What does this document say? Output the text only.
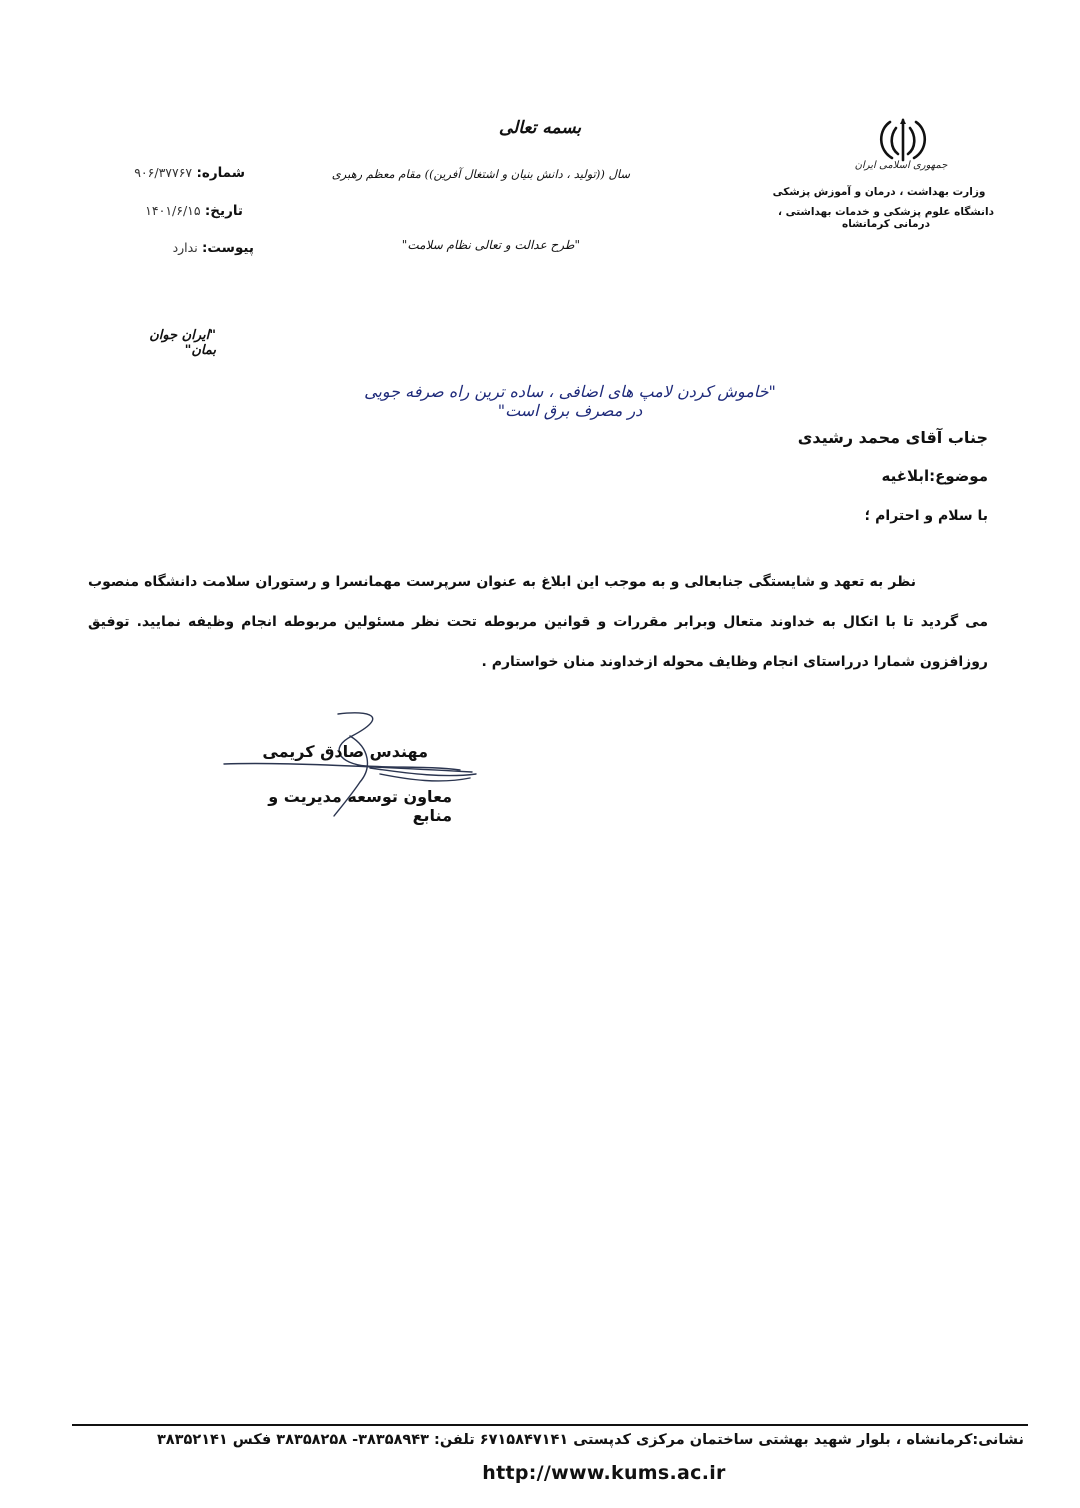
جمهوری اسلامی ایران
وزارت بهداشت ، درمان و آموزش پزشکی
دانشگاه علوم پزشکی و خدمات بهداشتی ، درمانی کرمانشاه
بسمه تعالی
سال ((تولید ، دانش بنیان و اشتغال آفرین)) مقام معظم رهبری
"طرح عدالت و تعالی نظام سلامت"
شماره: ۹۰۶/۳۷۷۶۷
تاریخ: ۱۴۰۱/۶/۱۵
پیوست: ندارد
"ایران جوان بمان"
"خاموش کردن لامپ های اضافی ، ساده ترین راه صرفه جویی در مصرف برق است"
جناب آقای محمد رشیدی
موضوع:ابلاغیه
با سلام و احترام ؛
نظر به تعهد و شایستگی جنابعالی و به موجب این ابلاغ به عنوان سرپرست مهمانسرا و رستوران سلامت دانشگاه منصوب می گردید تا با اتکال به خداوند متعال وبرابر مقررات و قوانین مربوطه تحت نظر مسئولین مربوطه انجام وظیفه نمایید. توفیق روزافزون شمارا درراستای انجام وظایف محوله ازخداوند منان خواستارم .
مهندس صادق کریمی
معاون توسعه مدیریت و منابع
نشانی:کرمانشاه ، بلوار شهید بهشتی ساختمان مرکزی کدپستی ۶۷۱۵۸۴۷۱۴۱ تلفن: ۳۸۳۵۸۹۴۳- ۳۸۳۵۸۲۵۸ فکس ۳۸۳۵۲۱۴۱
http://www.kums.ac.ir
